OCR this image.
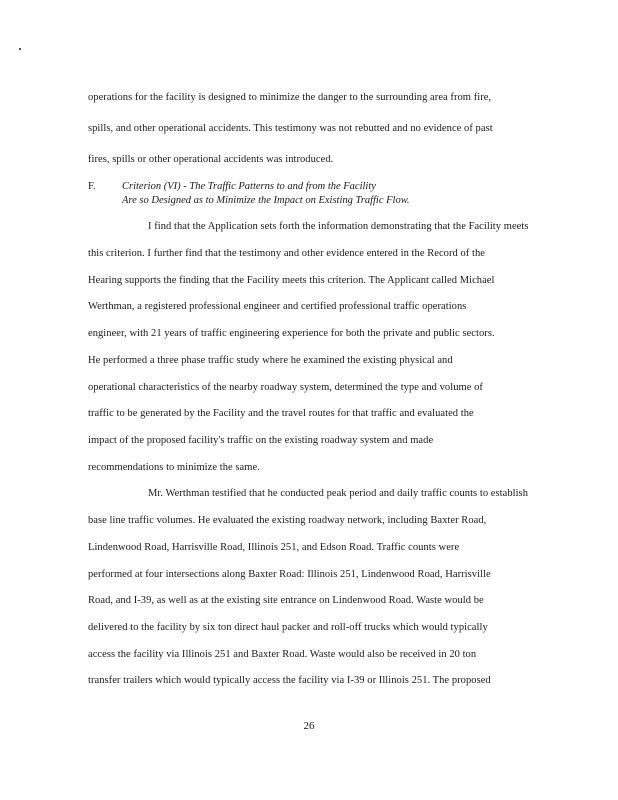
operations for the facility is designed to minimize the danger to the surrounding area from fire,
spills, and other operational accidents. This testimony was not rebutted and no evidence of past
fires, spills or other operational accidents was introduced.
F.	Criterion (VI) - The Traffic Patterns to and from the Facility
Are so Designed as to Minimize the Impact on Existing Traffic Flow.
I find that the Application sets forth the information demonstrating that the Facility meets
this criterion. I further find that the testimony and other evidence entered in the Record of the
Hearing supports the finding that the Facility meets this criterion. The Applicant called Michael
Werthman, a registered professional engineer and certified professional traffic operations
engineer, with 21 years of traffic engineering experience for both the private and public sectors.
He performed a three phase traffic study where he examined the existing physical and
operational characteristics of the nearby roadway system, determined the type and volume of
traffic to be generated by the Facility and the travel routes for that traffic and evaluated the
impact of the proposed facility's traffic on the existing roadway system and made
recommendations to minimize the same.
Mr. Werthman testified that he conducted peak period and daily traffic counts to establish
base line traffic volumes. He evaluated the existing roadway network, including Baxter Road,
Lindenwood Road, Harrisville Road, Illinois 251, and Edson Road. Traffic counts were
performed at four intersections along Baxter Road: Illinois 251, Lindenwood Road, Harrisville
Road, and I-39, as well as at the existing site entrance on Lindenwood Road. Waste would be
delivered to the facility by six ton direct haul packer and roll-off trucks which would typically
access the facility via Illinois 251 and Baxter Road. Waste would also be received in 20 ton
transfer trailers which would typically access the facility via I-39 or Illinois 251. The proposed
26
